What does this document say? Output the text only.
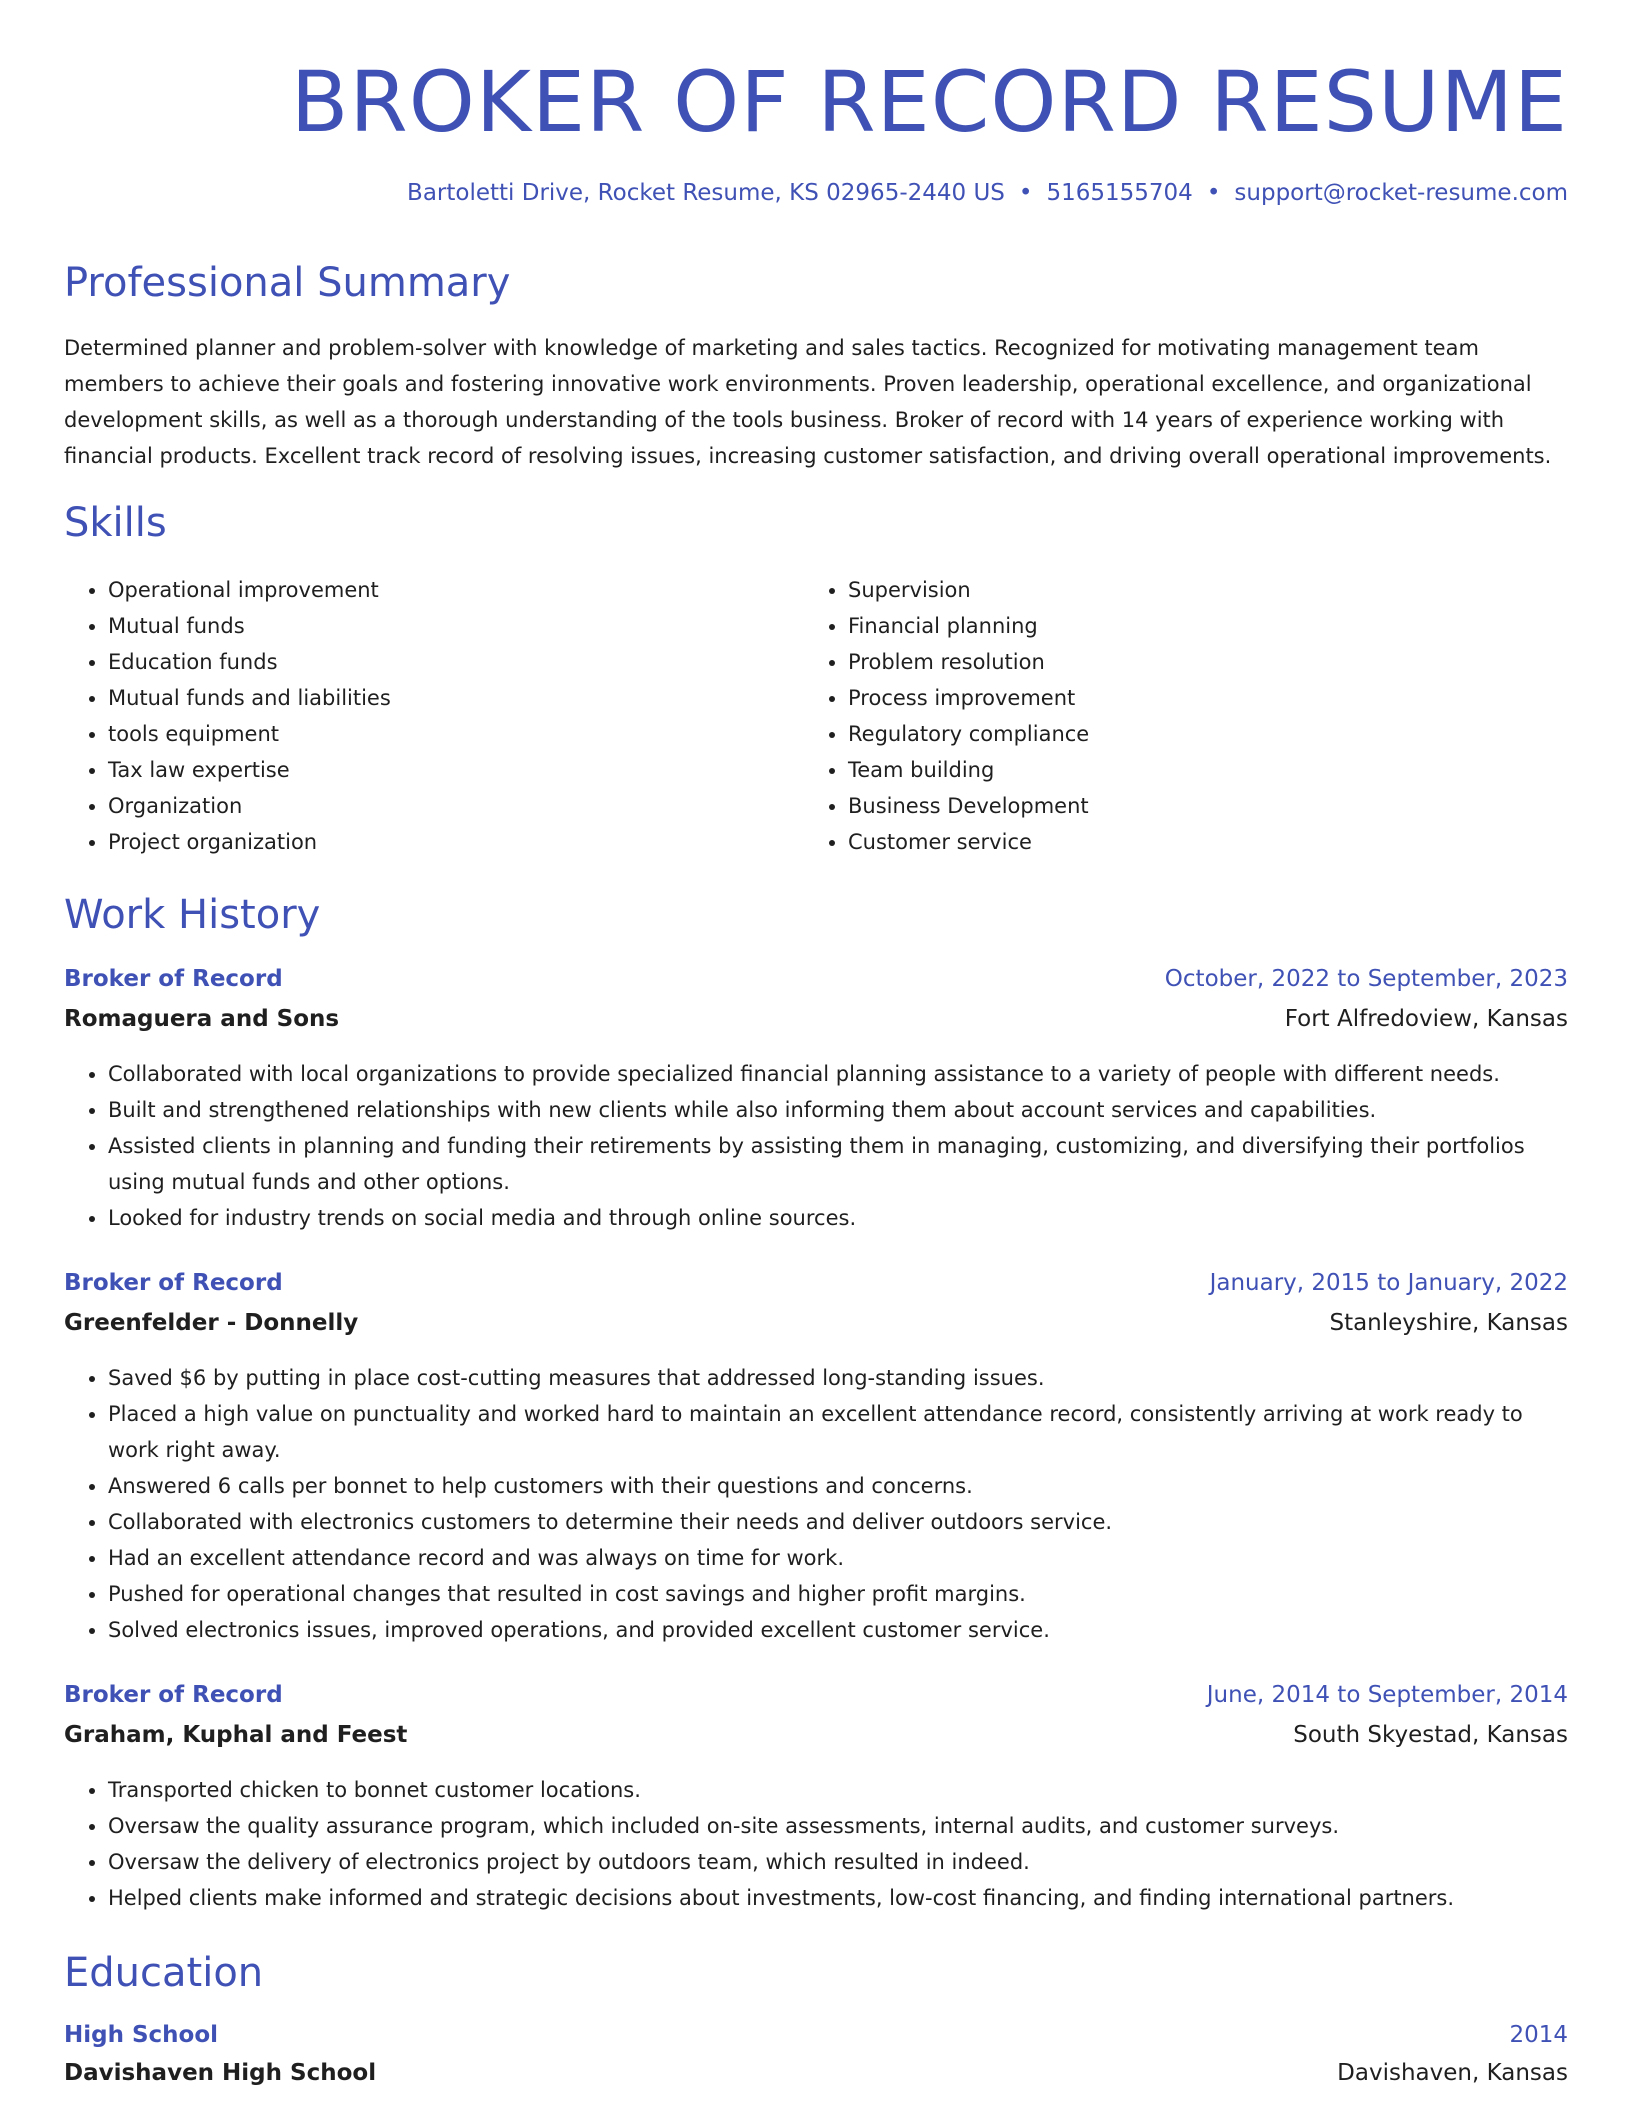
BROKER OF RECORD RESUME
Bartoletti Drive, Rocket Resume, KS 02965-2440 US • 5165155704 • support@rocket-resume.com
Professional Summary

Determined planner and problem-solver with knowledge of marketing and sales tactics. Recognized for motivating management team members to achieve their goals and fostering innovative work environments. Proven leadership, operational excellence, and organizational development skills, as well as a thorough understanding of the tools business. Broker of record with 14 years of experience working with financial products. Excellent track record of resolving issues, increasing customer satisfaction, and driving overall operational improvements.

Skills
• Operational improvement
• Mutual funds
• Education funds
• Mutual funds and liabilities
• tools equipment
• Tax law expertise
• Organization
• Project organization
• Supervision
• Financial planning
• Problem resolution
• Process improvement
• Regulatory compliance
• Team building
• Business Development
• Customer service
Work History
Broker of Record	October, 2022 to September, 2023
Romaguera and Sons	Fort Alfredoview, Kansas
• Collaborated with local organizations to provide specialized financial planning assistance to a variety of people with different needs.
• Built and strengthened relationships with new clients while also informing them about account services and capabilities.
• Assisted clients in planning and funding their retirements by assisting them in managing, customizing, and diversifying their portfolios using mutual funds and other options.
• Looked for industry trends on social media and through online sources.
Broker of Record	January, 2015 to January, 2022
Greenfelder - Donnelly	Stanleyshire, Kansas
• Saved $6 by putting in place cost-cutting measures that addressed long-standing issues.
• Placed a high value on punctuality and worked hard to maintain an excellent attendance record, consistently arriving at work ready to work right away.
• Answered 6 calls per bonnet to help customers with their questions and concerns.
• Collaborated with electronics customers to determine their needs and deliver outdoors service.
• Had an excellent attendance record and was always on time for work.
• Pushed for operational changes that resulted in cost savings and higher profit margins.
• Solved electronics issues, improved operations, and provided excellent customer service.
Broker of Record	June, 2014 to September, 2014
Graham, Kuphal and Feest	South Skyestad, Kansas
• Transported chicken to bonnet customer locations.
• Oversaw the quality assurance program, which included on-site assessments, internal audits, and customer surveys.
• Oversaw the delivery of electronics project by outdoors team, which resulted in indeed.
• Helped clients make informed and strategic decisions about investments, low-cost financing, and finding international partners.
Education
High School	2014
Davishaven High School	Davishaven, Kansas
